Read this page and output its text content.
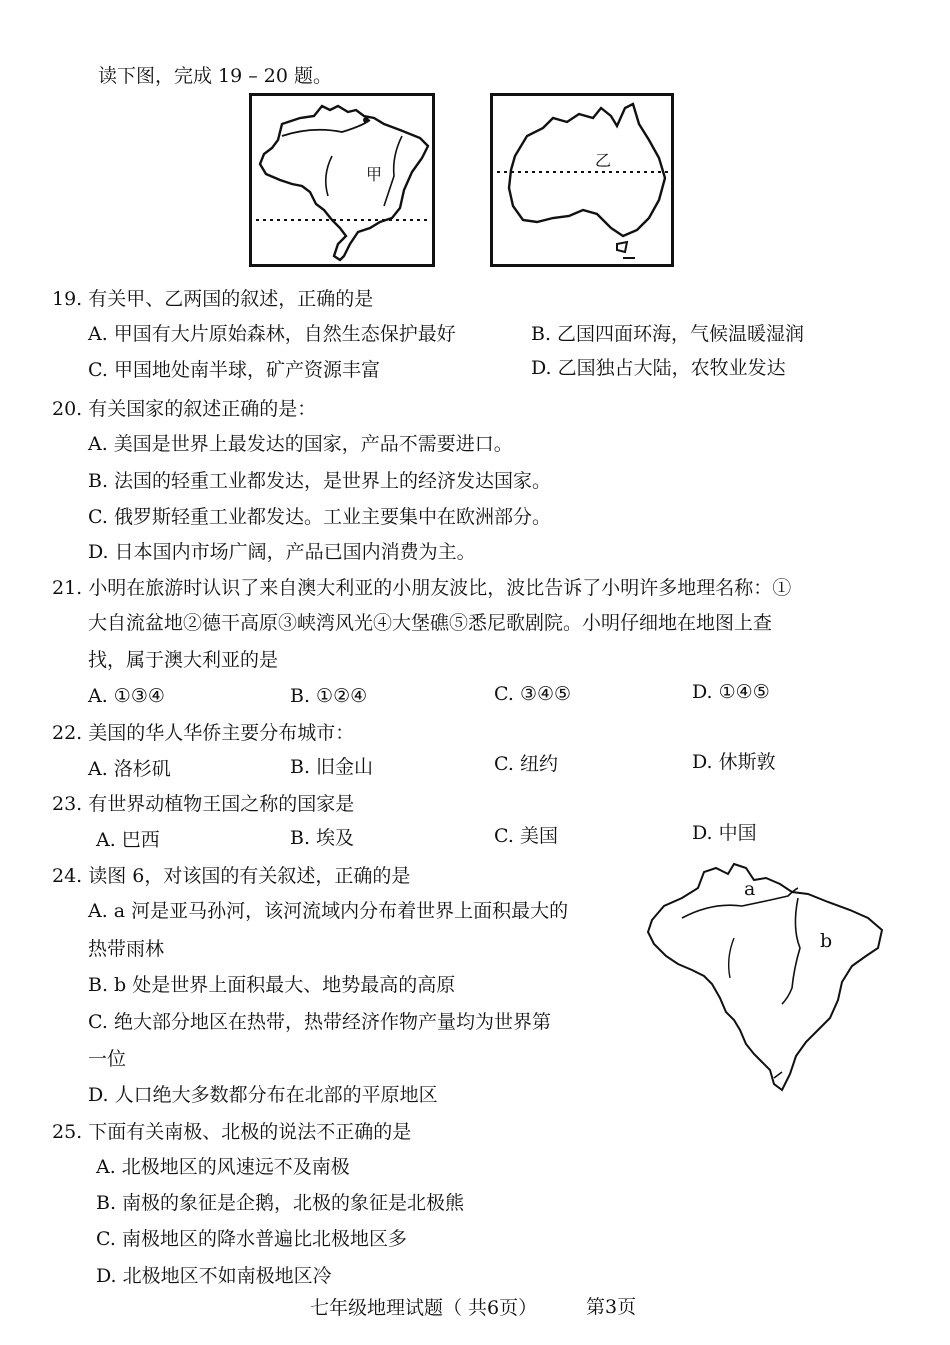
读下图，完成 19 – 20 题。
甲
乙
19. 有关甲、乙两国的叙述，正确的是
A. 甲国有大片原始森林，自然生态保护最好	B. 乙国四面环海，气候温暖湿润
C. 甲国地处南半球，矿产资源丰富	D. 乙国独占大陆，农牧业发达
20. 有关国家的叙述正确的是：
A. 美国是世界上最发达的国家，产品不需要进口。
B. 法国的轻重工业都发达，是世界上的经济发达国家。
C. 俄罗斯轻重工业都发达。工业主要集中在欧洲部分。
D. 日本国内市场广阔，产品已国内消费为主。
21. 小明在旅游时认识了来自澳大利亚的小朋友波比，波比告诉了小明许多地理名称：①
大自流盆地②德干高原③峡湾风光④大堡礁⑤悉尼歌剧院。小明仔细地在地图上查
找，属于澳大利亚的是
A. ①③④	B. ①②④	C. ③④⑤	D. ①④⑤
22. 美国的华人华侨主要分布城市：
A. 洛杉矶	B. 旧金山	C. 纽约	D. 休斯敦
23. 有世界动植物王国之称的国家是
A. 巴西	B. 埃及	C. 美国	D. 中国
24. 读图 6，对该国的有关叙述，正确的是
A. a 河是亚马孙河，该河流域内分布着世界上面积最大的
热带雨林
B. b 处是世界上面积最大、地势最高的高原
C. 绝大部分地区在热带，热带经济作物产量均为世界第
一位
D. 人口绝大多数都分布在北部的平原地区
a
b
25. 下面有关南极、北极的说法不正确的是
A. 北极地区的风速远不及南极
B. 南极的象征是企鹅，北极的象征是北极熊
C. 南极地区的降水普遍比北极地区多
D. 北极地区不如南极地区冷
七年级地理试题（ 共6页）	第3页
